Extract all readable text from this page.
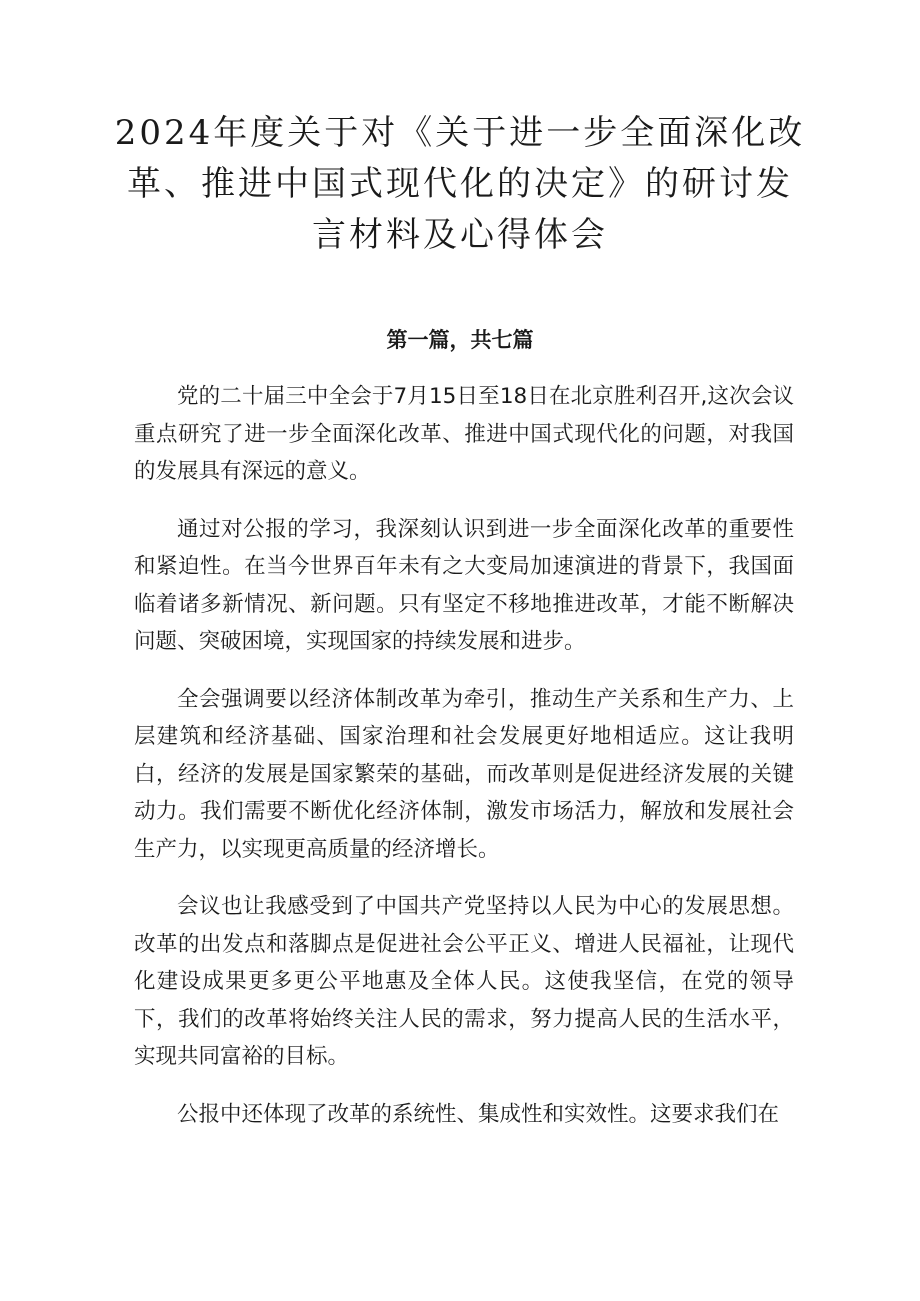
2024年度关于对《关于进一步全面深化改革、推进中国式现代化的决定》的研讨发言材料及心得体会
第一篇，共七篇

党的二十届三中全会于7月15日至18日在北京胜利召开,这次会议重点研究了进一步全面深化改革、推进中国式现代化的问题，对我国的发展具有深远的意义。

通过对公报的学习，我深刻认识到进一步全面深化改革的重要性和紧迫性。在当今世界百年未有之大变局加速演进的背景下，我国面临着诸多新情况、新问题。只有坚定不移地推进改革，才能不断解决问题、突破困境，实现国家的持续发展和进步。

全会强调要以经济体制改革为牵引，推动生产关系和生产力、上层建筑和经济基础、国家治理和社会发展更好地相适应。这让我明白，经济的发展是国家繁荣的基础，而改革则是促进经济发展的关键动力。我们需要不断优化经济体制，激发市场活力，解放和发展社会生产力，以实现更高质量的经济增长。

会议也让我感受到了中国共产党坚持以人民为中心的发展思想。改革的出发点和落脚点是促进社会公平正义、增进人民福祉，让现代化建设成果更多更公平地惠及全体人民。这使我坚信，在党的领导下，我们的改革将始终关注人民的需求，努力提高人民的生活水平，实现共同富裕的目标。

公报中还体现了改革的系统性、集成性和实效性。这要求我们在
